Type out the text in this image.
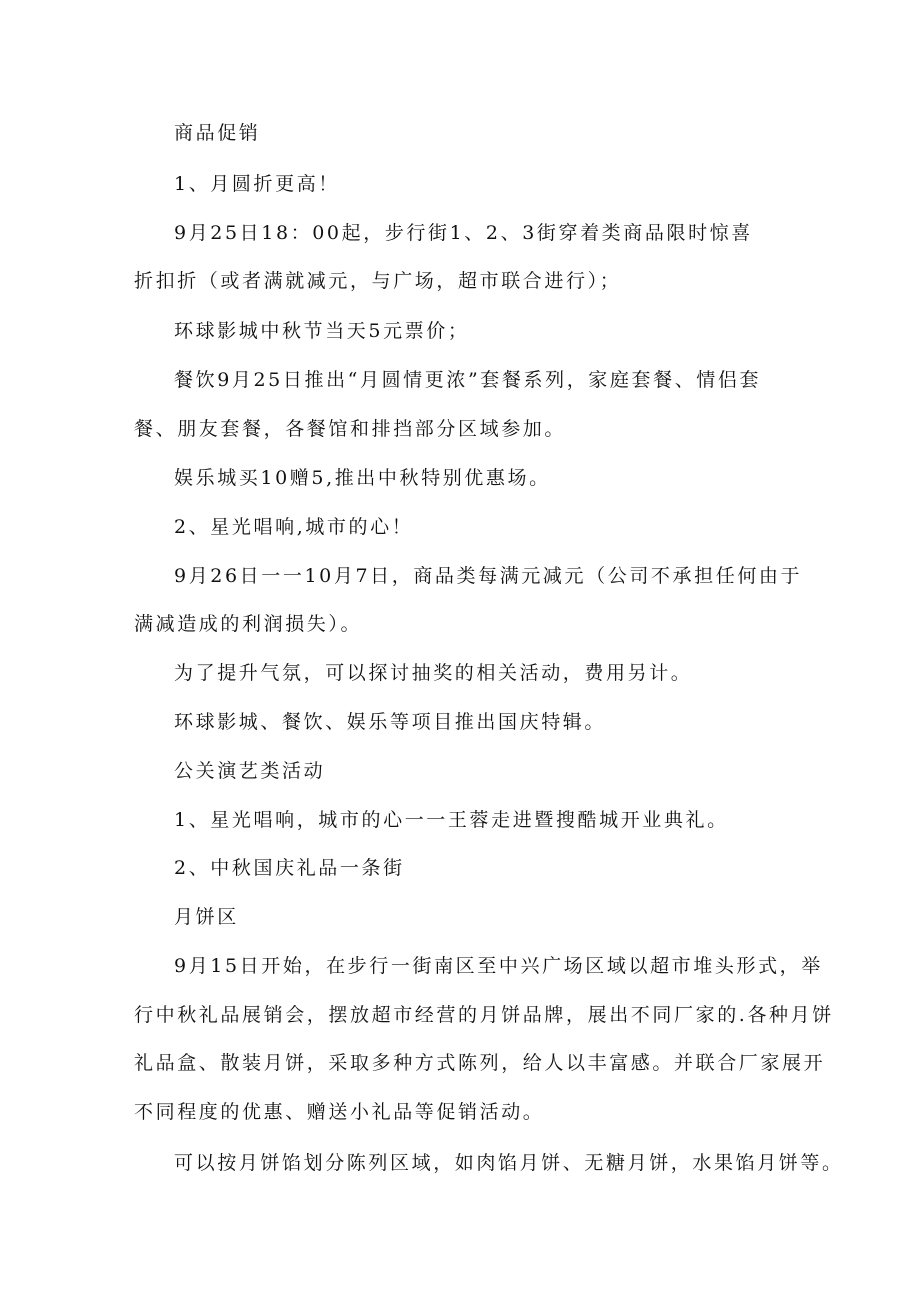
商品促销
1、月圆折更高！
9月25日18：00起，步行街1、2、3街穿着类商品限时惊喜
折扣折（或者满就减元，与广场，超市联合进行）；
环球影城中秋节当天5元票价；
餐饮9月25日推出“月圆情更浓”套餐系列，家庭套餐、情侣套
餐、朋友套餐，各餐馆和排挡部分区域参加。
娱乐城买10赠5,推出中秋特别优惠场。
2、星光唱响,城市的心！
9月26日一一10月7日，商品类每满元减元（公司不承担任何由于
满减造成的利润损失）。
为了提升气氛，可以探讨抽奖的相关活动，费用另计。
环球影城、餐饮、娱乐等项目推出国庆特辑。
公关演艺类活动
1、星光唱响，城市的心一一王蓉走进暨搜酷城开业典礼。
2、中秋国庆礼品一条街
月饼区
9月15日开始，在步行一街南区至中兴广场区域以超市堆头形式，举
行中秋礼品展销会，摆放超市经营的月饼品牌，展出不同厂家的.各种月饼
礼品盒、散装月饼，采取多种方式陈列，给人以丰富感。并联合厂家展开
不同程度的优惠、赠送小礼品等促销活动。
可以按月饼馅划分陈列区域，如肉馅月饼、无糖月饼，水果馅月饼等。
